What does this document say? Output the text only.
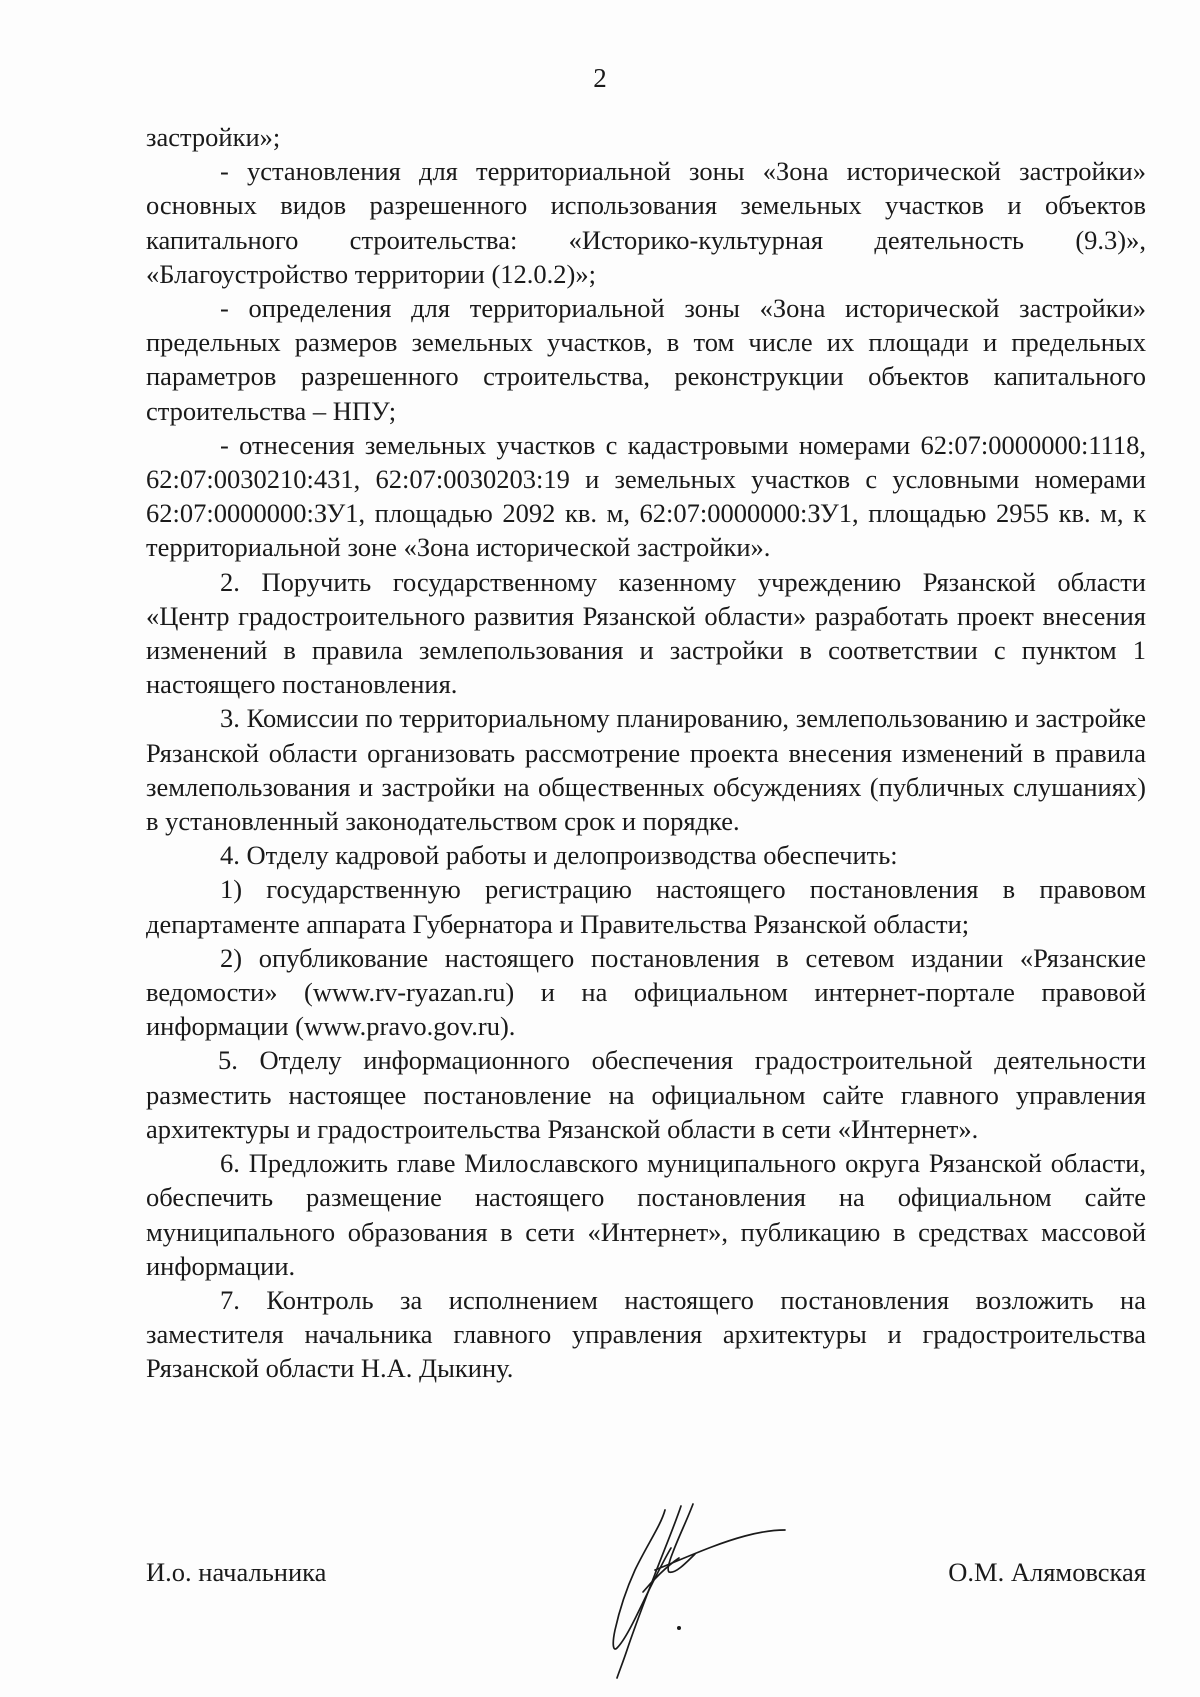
2

застройки»;

- установления для территориальной зоны «Зона исторической застройки» основных видов разрешенного использования земельных участков и объектов капитального строительства: «Историко-культурная деятельность (9.3)», «Благоустройство территории (12.0.2)»;

- определения для территориальной зоны «Зона исторической застройки» предельных размеров земельных участков, в том числе их площади и предельных параметров разрешенного строительства, реконструкции объектов капитального строительства – НПУ;

- отнесения земельных участков с кадастровыми номерами 62:07:0000000:1118, 62:07:0030210:431, 62:07:0030203:19 и земельных участков с условными номерами 62:07:0000000:ЗУ1, площадью 2092 кв. м, 62:07:0000000:ЗУ1, площадью 2955 кв. м, к территориальной зоне «Зона исторической застройки».

2. Поручить государственному казенному учреждению Рязанской области «Центр градостроительного развития Рязанской области» разработать проект внесения изменений в правила землепользования и застройки в соответствии с пунктом 1 настоящего постановления.

3. Комиссии по территориальному планированию, землепользованию и застройке Рязанской области организовать рассмотрение проекта внесения изменений в правила землепользования и застройки на общественных обсуждениях (публичных слушаниях) в установленный законодательством срок и порядке.

4. Отделу кадровой работы и делопроизводства обеспечить:

1) государственную регистрацию настоящего постановления в правовом департаменте аппарата Губернатора и Правительства Рязанской области;

2) опубликование настоящего постановления в сетевом издании «Рязанские ведомости» (www.rv-ryazan.ru) и на официальном интернет-портале правовой информации (www.pravo.gov.ru).

5. Отделу информационного обеспечения градостроительной деятельности разместить настоящее постановление на официальном сайте главного управления архитектуры и градостроительства Рязанской области в сети «Интернет».

6. Предложить главе Милославского муниципального округа Рязанской области, обеспечить размещение настоящего постановления на официальном сайте муниципального образования в сети «Интернет», публикацию в средствах массовой информации.

7. Контроль за исполнением настоящего постановления возложить на заместителя начальника главного управления архитектуры и градостроительства Рязанской области Н.А. Дыкину.

И.о. начальника	О.М. Алямовская
